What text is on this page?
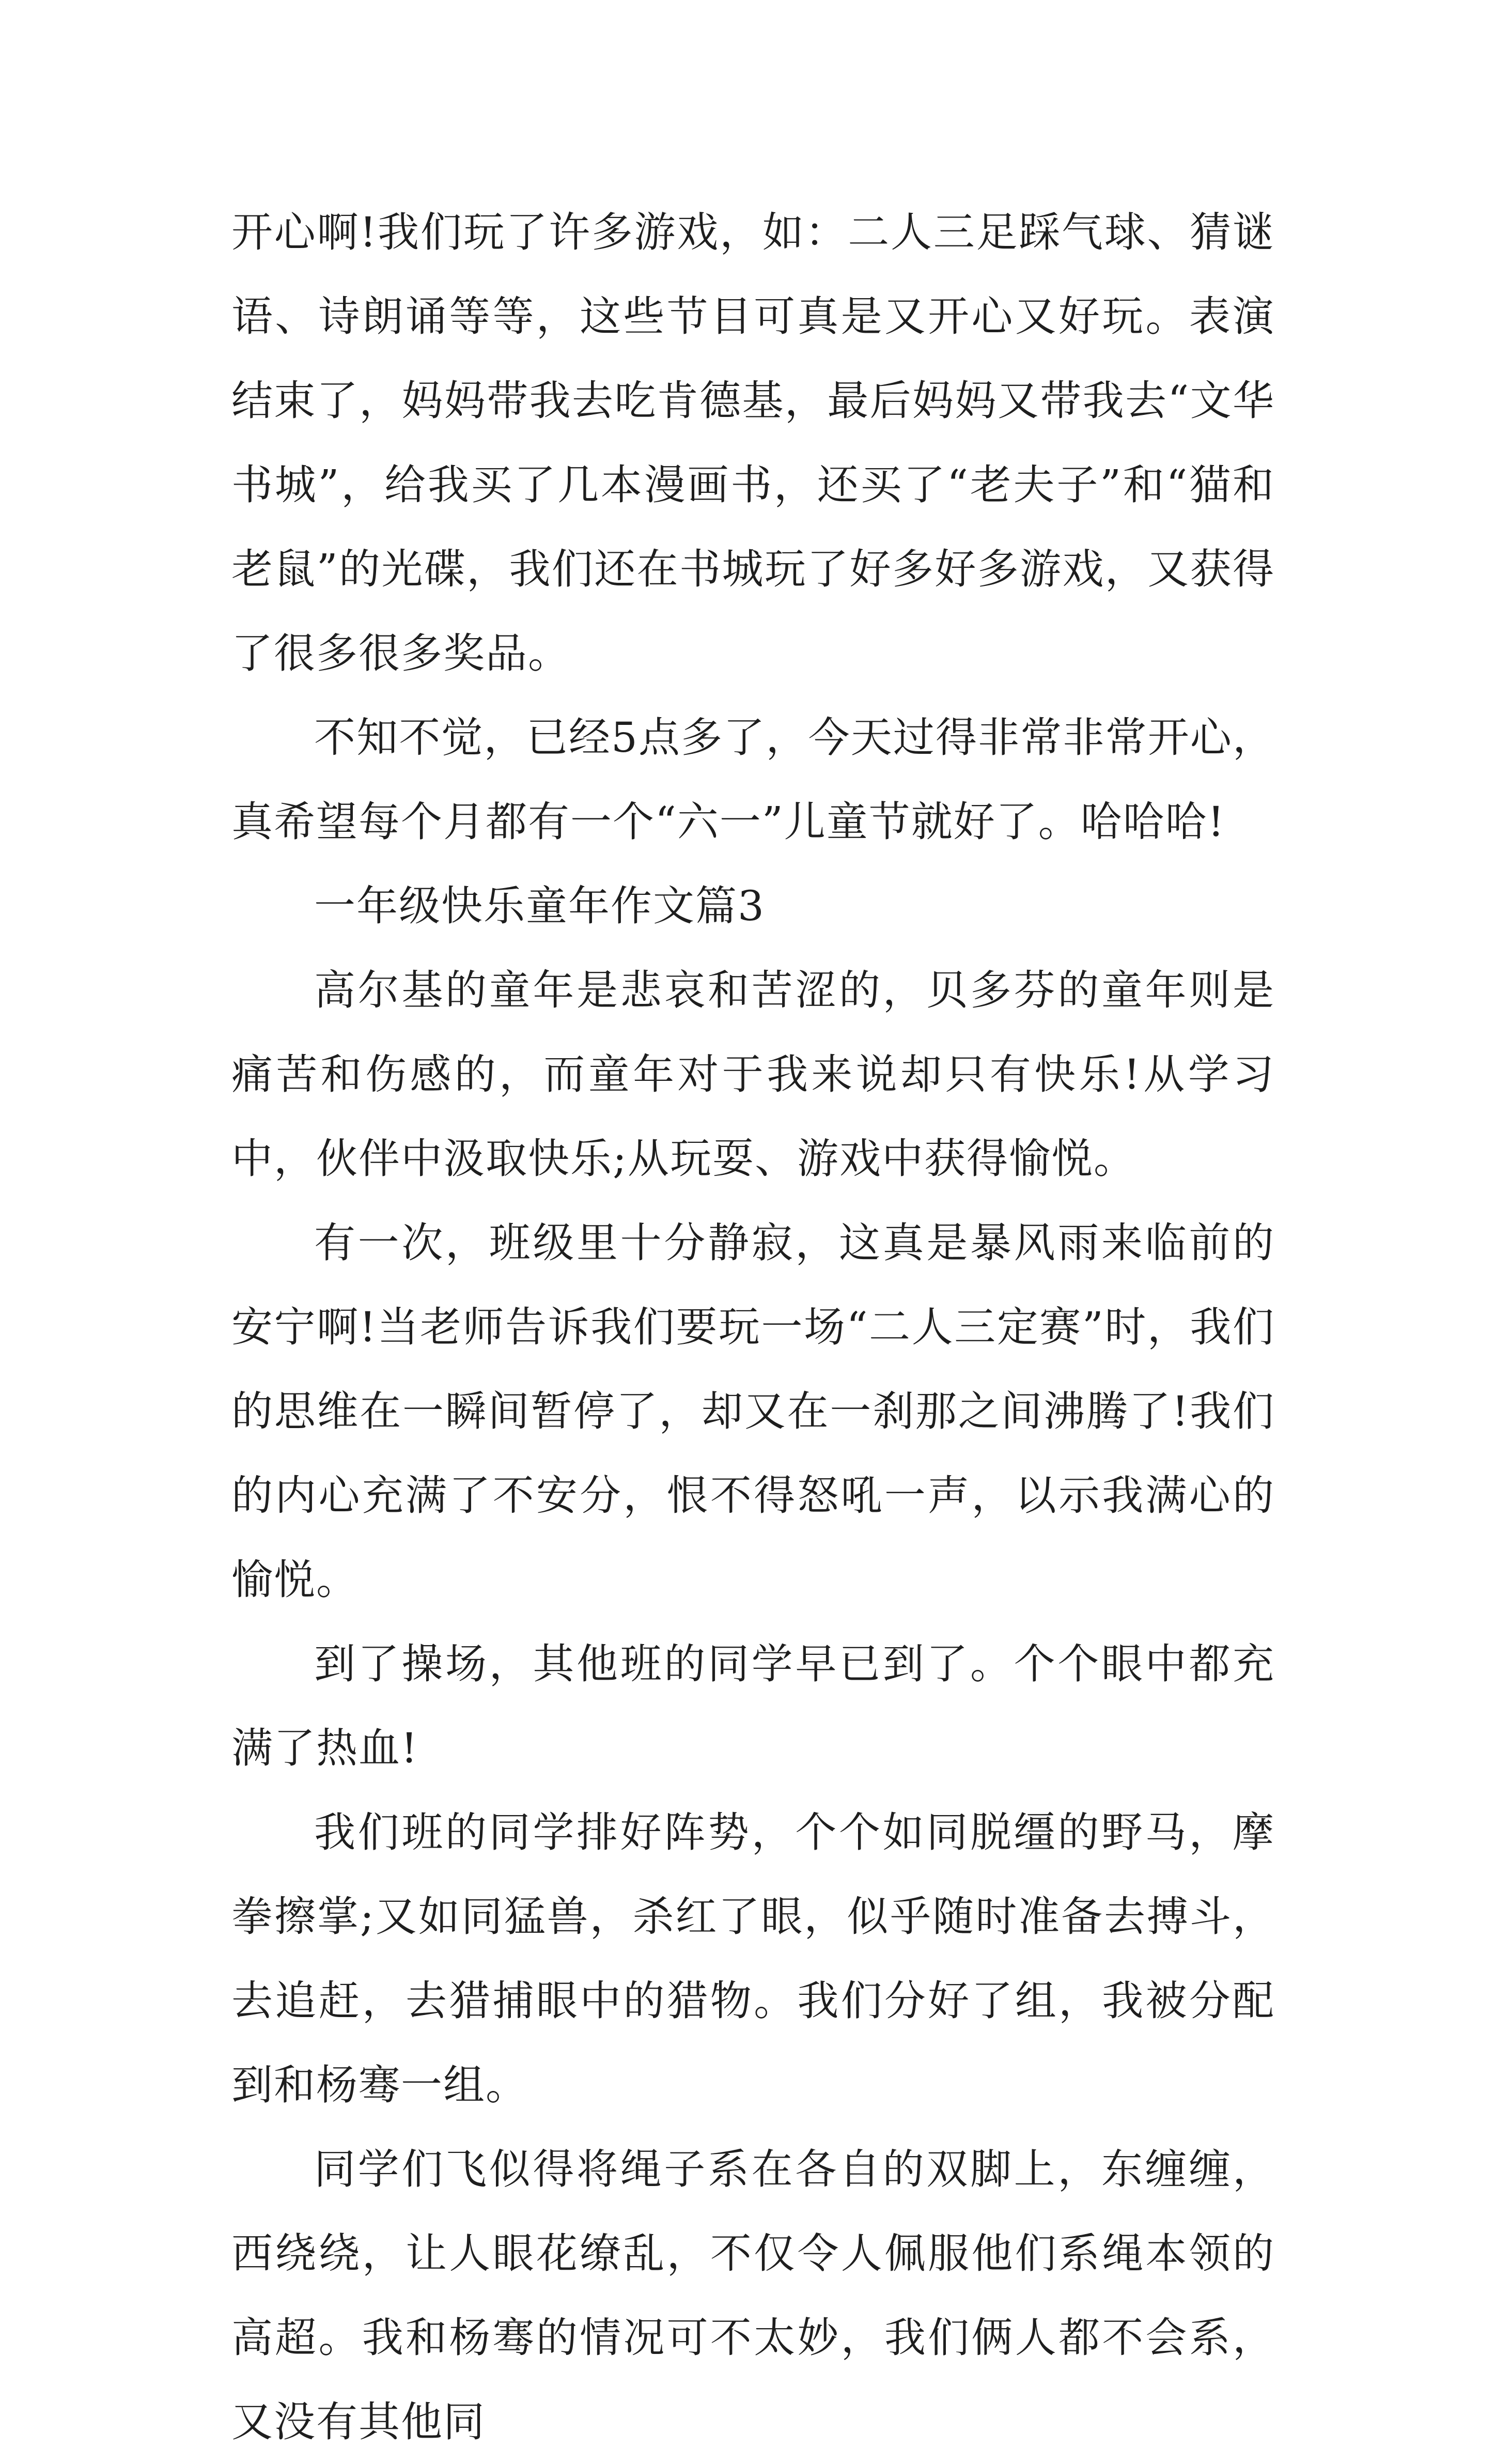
开心啊!我们玩了许多游戏，如：二人三足踩气球、猜谜语、诗朗诵等等，这些节目可真是又开心又好玩。表演结束了，妈妈带我去吃肯德基，最后妈妈又带我去“文华书城”，给我买了几本漫画书，还买了“老夫子”和“猫和老鼠”的光碟，我们还在书城玩了好多好多游戏，又获得了很多很多奖品。

不知不觉，已经5点多了，今天过得非常非常开心，真希望每个月都有一个“六一”儿童节就好了。哈哈哈!

一年级快乐童年作文篇3

高尔基的童年是悲哀和苦涩的，贝多芬的童年则是痛苦和伤感的，而童年对于我来说却只有快乐!从学习中，伙伴中汲取快乐;从玩耍、游戏中获得愉悦。

有一次，班级里十分静寂，这真是暴风雨来临前的安宁啊!当老师告诉我们要玩一场“二人三定赛”时，我们的思维在一瞬间暂停了，却又在一刹那之间沸腾了!我们的内心充满了不安分，恨不得怒吼一声，以示我满心的愉悦。

到了操场，其他班的同学早已到了。个个眼中都充满了热血!

我们班的同学排好阵势，个个如同脱缰的野马，摩拳擦掌;又如同猛兽，杀红了眼，似乎随时准备去搏斗，去追赶，去猎捕眼中的猎物。我们分好了组，我被分配到和杨骞一组。

同学们飞似得将绳子系在各自的双脚上，东缠缠，西绕绕，让人眼花缭乱，不仅令人佩服他们系绳本领的高超。我和杨骞的情况可不太妙，我们俩人都不会系，又没有其他同
